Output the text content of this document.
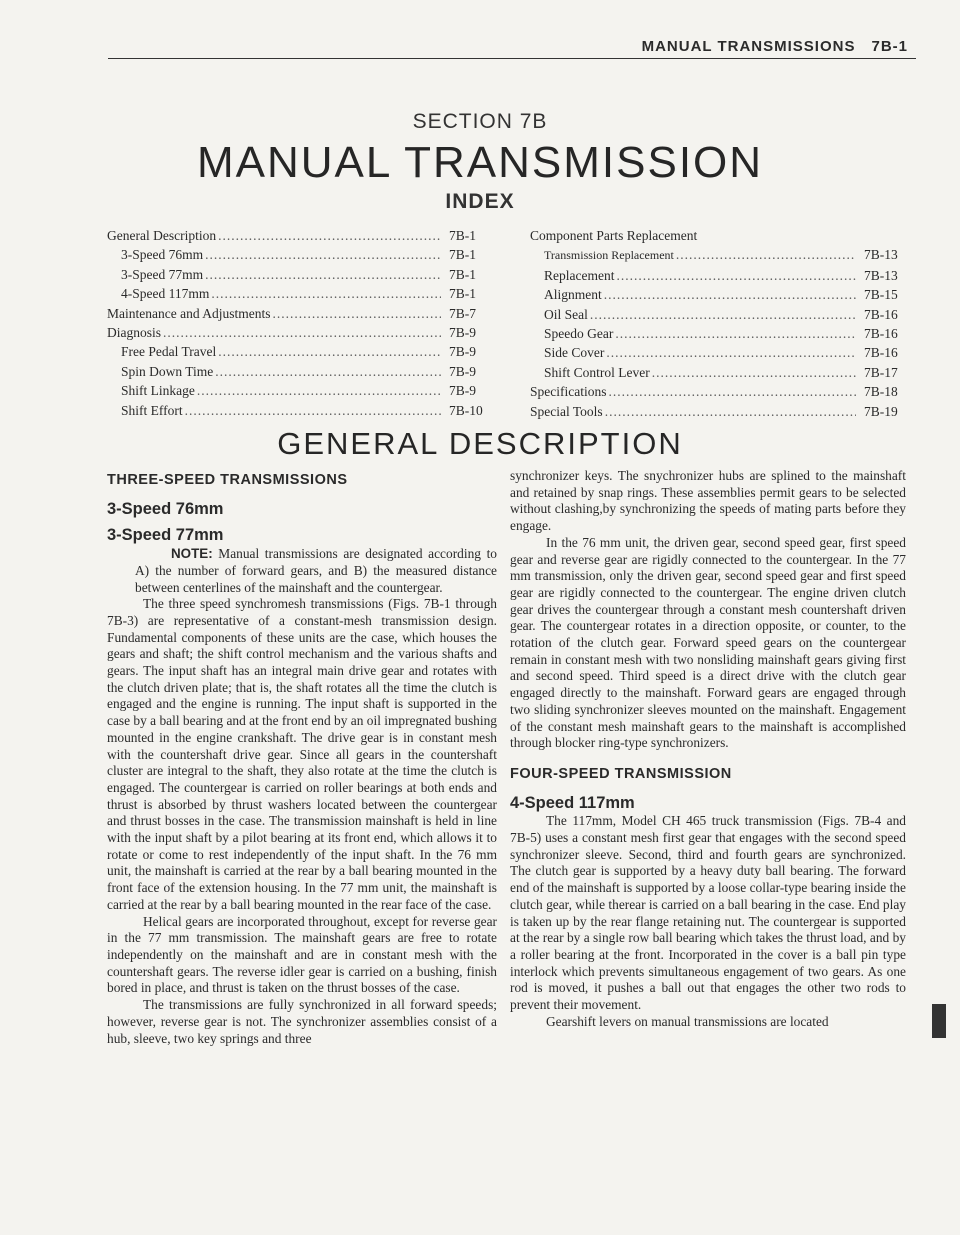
MANUAL TRANSMISSIONS 7B-1
SECTION 7B
MANUAL TRANSMISSION
INDEX
General Description .....	7B-1
3-Speed 76mm .....	7B-1
3-Speed 77mm .....	7B-1
4-Speed 117mm .....	7B-1
Maintenance and Adjustments .....	7B-7
Diagnosis .....	7B-9
Free Pedal Travel .....	7B-9
Spin Down Time .....	7B-9
Shift Linkage .....	7B-9
Shift Effort .....	7B-10
Component Parts Replacement
Transmission Replacement .....	7B-13
Replacement .....	7B-13
Alignment .....	7B-15
Oil Seal .....	7B-16
Speedo Gear .....	7B-16
Side Cover .....	7B-16
Shift Control Lever .....	7B-17
Specifications .....	7B-18
Special Tools .....	7B-19
GENERAL DESCRIPTION
THREE-SPEED TRANSMISSIONS
3-Speed 76mm
3-Speed 77mm

NOTE: Manual transmissions are designated according to A) the number of forward gears, and B) the measured distance between centerlines of the mainshaft and the countergear.

The three speed synchromesh transmissions (Figs. 7B-1 through 7B-3) are representative of a constant-mesh transmission design. Fundamental components of these units are the case, which houses the gears and shaft; the shift control mechanism and the various shafts and gears. The input shaft has an integral main drive gear and rotates with the clutch driven plate; that is, the shaft rotates all the time the clutch is engaged and the engine is running. The input shaft is supported in the case by a ball bearing and at the front end by an oil impregnated bushing mounted in the engine crankshaft. The drive gear is in constant mesh with the countershaft drive gear. Since all gears in the countershaft cluster are integral to the shaft, they also rotate at the time the clutch is engaged. The countergear is carried on roller bearings at both ends and thrust is absorbed by thrust washers located between the countergear and thrust bosses in the case. The transmission mainshaft is held in line with the input shaft by a pilot bearing at its front end, which allows it to rotate or come to rest independently of the input shaft. In the 76 mm unit, the mainshaft is carried at the rear by a ball bearing mounted in the front face of the extension housing. In the 77 mm unit, the mainshaft is carried at the rear by a ball bearing mounted in the rear face of the case.

Helical gears are incorporated throughout, except for reverse gear in the 77 mm transmission. The mainshaft gears are free to rotate independently on the mainshaft and are in constant mesh with the countershaft gears. The reverse idler gear is carried on a bushing, finish bored in place, and thrust is taken on the thrust bosses of the case.

The transmissions are fully synchronized in all forward speeds; however, reverse gear is not. The synchronizer assemblies consist of a hub, sleeve, two key springs and three

synchronizer keys. The snychronizer hubs are splined to the mainshaft and retained by snap rings. These assemblies permit gears to be selected without clashing,by synchronizing the speeds of mating parts before they engage.

In the 76 mm unit, the driven gear, second speed gear, first speed gear and reverse gear are rigidly connected to the countergear. In the 77 mm transmission, only the driven gear, second speed gear and first speed gear are rigidly connected to the countergear. The engine driven clutch gear drives the countergear through a constant mesh countershaft driven gear. The countergear rotates in a direction opposite, or counter, to the rotation of the clutch gear. Forward speed gears on the countergear remain in constant mesh with two nonsliding mainshaft gears giving first and second speed. Third speed is a direct drive with the clutch gear engaged directly to the mainshaft. Forward gears are engaged through two sliding synchronizer sleeves mounted on the mainshaft. Engagement of the constant mesh mainshaft gears to the mainshaft is accomplished through blocker ring-type synchronizers.

FOUR-SPEED TRANSMISSION
4-Speed 117mm

The 117mm, Model CH 465 truck transmission (Figs. 7B-4 and 7B-5) uses a constant mesh first gear that engages with the second speed synchronizer sleeve. Second, third and fourth gears are synchronized. The clutch gear is supported by a heavy duty ball bearing. The forward end of the mainshaft is supported by a loose collar-type bearing inside the clutch gear, while therear is carried on a ball bearing in the case. End play is taken up by the rear flange retaining nut. The countergear is supported at the rear by a single row ball bearing which takes the thrust load, and by a roller bearing at the front. Incorporated in the cover is a ball pin type interlock which prevents simultaneous engagement of two gears. As one rod is moved, it pushes a ball out that engages the other two rods to prevent their movement.

Gearshift levers on manual transmissions are located
